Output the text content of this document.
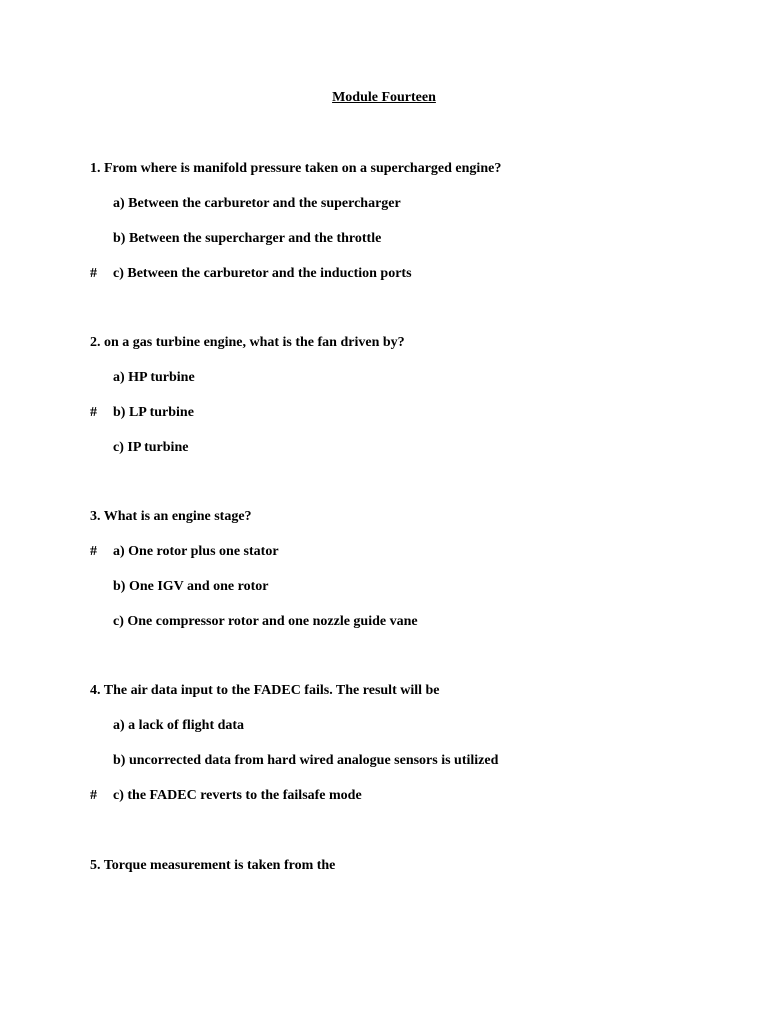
Module Fourteen
1. From where is manifold pressure taken on a supercharged engine?
a) Between the carburetor and the supercharger
b) Between the supercharger and the throttle
# c) Between the carburetor and the induction ports
2. on a gas turbine engine, what is the fan driven by?
a) HP turbine
# b) LP turbine
c) IP turbine
3. What is an engine stage?
# a) One rotor plus one stator
b) One IGV and one rotor
c) One compressor rotor and one nozzle guide vane
4. The air data input to the FADEC fails. The result will be
a) a lack of flight data
b) uncorrected data from hard wired analogue sensors is utilized
# c) the FADEC reverts to the failsafe mode
5. Torque measurement is taken from the
